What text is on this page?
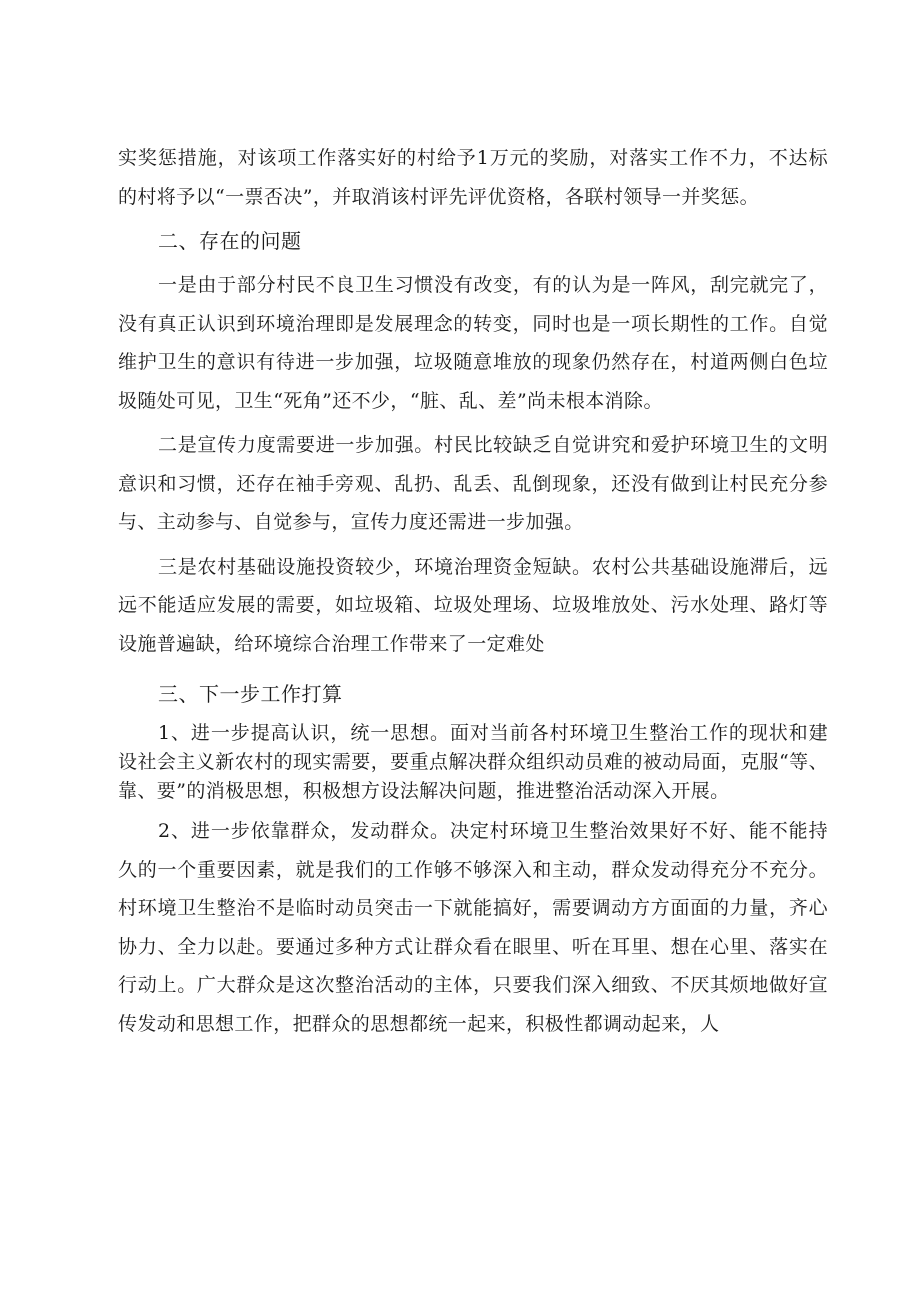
实奖惩措施，对该项工作落实好的村给予1万元的奖励，对落实工作不力，不达标的村将予以“一票否决”，并取消该村评先评优资格，各联村领导一并奖惩。

二、存在的问题

一是由于部分村民不良卫生习惯没有改变，有的认为是一阵风，刮完就完了，没有真正认识到环境治理即是发展理念的转变，同时也是一项长期性的工作。自觉维护卫生的意识有待进一步加强，垃圾随意堆放的现象仍然存在，村道两侧白色垃圾随处可见，卫生“死角”还不少，“脏、乱、差”尚未根本消除。

二是宣传力度需要进一步加强。村民比较缺乏自觉讲究和爱护环境卫生的文明意识和习惯，还存在袖手旁观、乱扔、乱丢、乱倒现象，还没有做到让村民充分参与、主动参与、自觉参与，宣传力度还需进一步加强。

三是农村基础设施投资较少，环境治理资金短缺。农村公共基础设施滞后，远远不能适应发展的需要，如垃圾箱、垃圾处理场、垃圾堆放处、污水处理、路灯等设施普遍缺，给环境综合治理工作带来了一定难处

三、下一步工作打算

1、进一步提高认识，统一思想。面对当前各村环境卫生整治工作的现状和建设社会主义新农村的现实需要，要重点解决群众组织动员难的被动局面，克服“等、靠、要”的消极思想，积极想方设法解决问题，推进整治活动深入开展。

2、进一步依靠群众，发动群众。决定村环境卫生整治效果好不好、能不能持久的一个重要因素，就是我们的工作够不够深入和主动，群众发动得充分不充分。村环境卫生整治不是临时动员突击一下就能搞好，需要调动方方面面的力量，齐心协力、全力以赴。要通过多种方式让群众看在眼里、听在耳里、想在心里、落实在行动上。广大群众是这次整治活动的主体，只要我们深入细致、不厌其烦地做好宣传发动和思想工作，把群众的思想都统一起来，积极性都调动起来，人
